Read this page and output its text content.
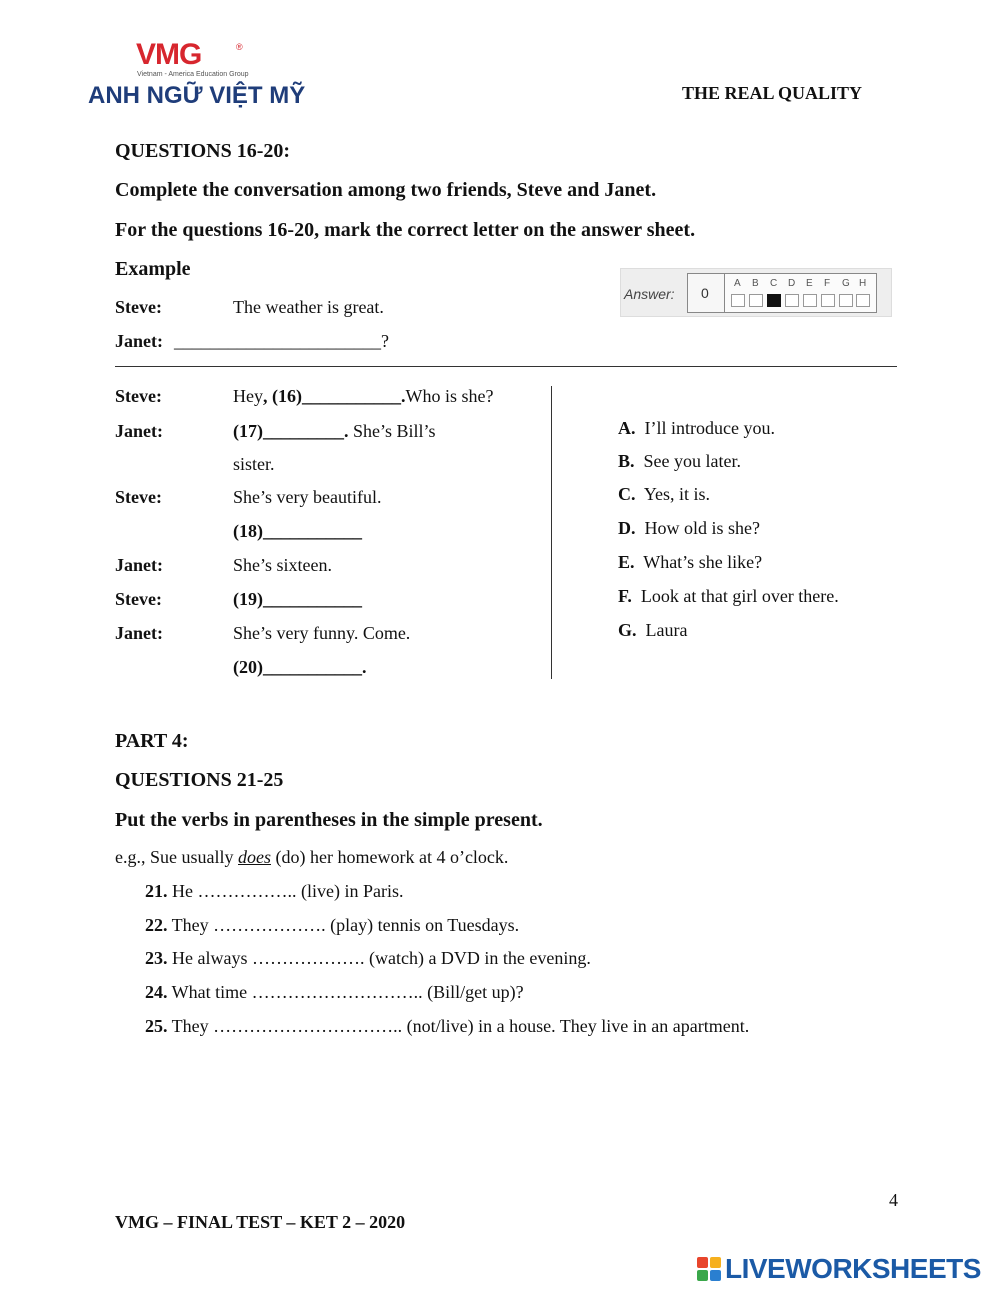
VMG	®
Vietnam - America Education Group
ANH NGỮ VIỆT MỸ	THE REAL QUALITY
QUESTIONS 16-20:
Complete the conversation among two friends, Steve and Janet.
For the questions 16-20, mark the correct letter on the answer sheet.
Example
Steve:	The weather is great.
Janet: _______________________?
Answer: 0
A B C D E F G H
Steve:	Hey, (16)___________.Who is she?
Janet:	(17)_________. She’s Bill’s
sister.
Steve:	She’s very beautiful.
(18)___________
Janet:	She’s sixteen.
Steve:	(19)___________
Janet:	She’s very funny. Come.
(20)___________.
A. I’ll introduce you.
B. See you later.
C. Yes, it is.
D. How old is she?
E. What’s she like?
F. Look at that girl over there.
G. Laura
PART 4:
QUESTIONS 21-25
Put the verbs in parentheses in the simple present.
e.g., Sue usually does (do) her homework at 4 o’clock.
21. He …………….. (live) in Paris.
22. They ………………. (play) tennis on Tuesdays.
23. He always ………………. (watch) a DVD in the evening.
24. What time ……………………….. (Bill/get up)?
25. They ………………………….. (not/live) in a house. They live in an apartment.
4
VMG – FINAL TEST – KET 2 – 2020
LIVEWORKSHEETS
